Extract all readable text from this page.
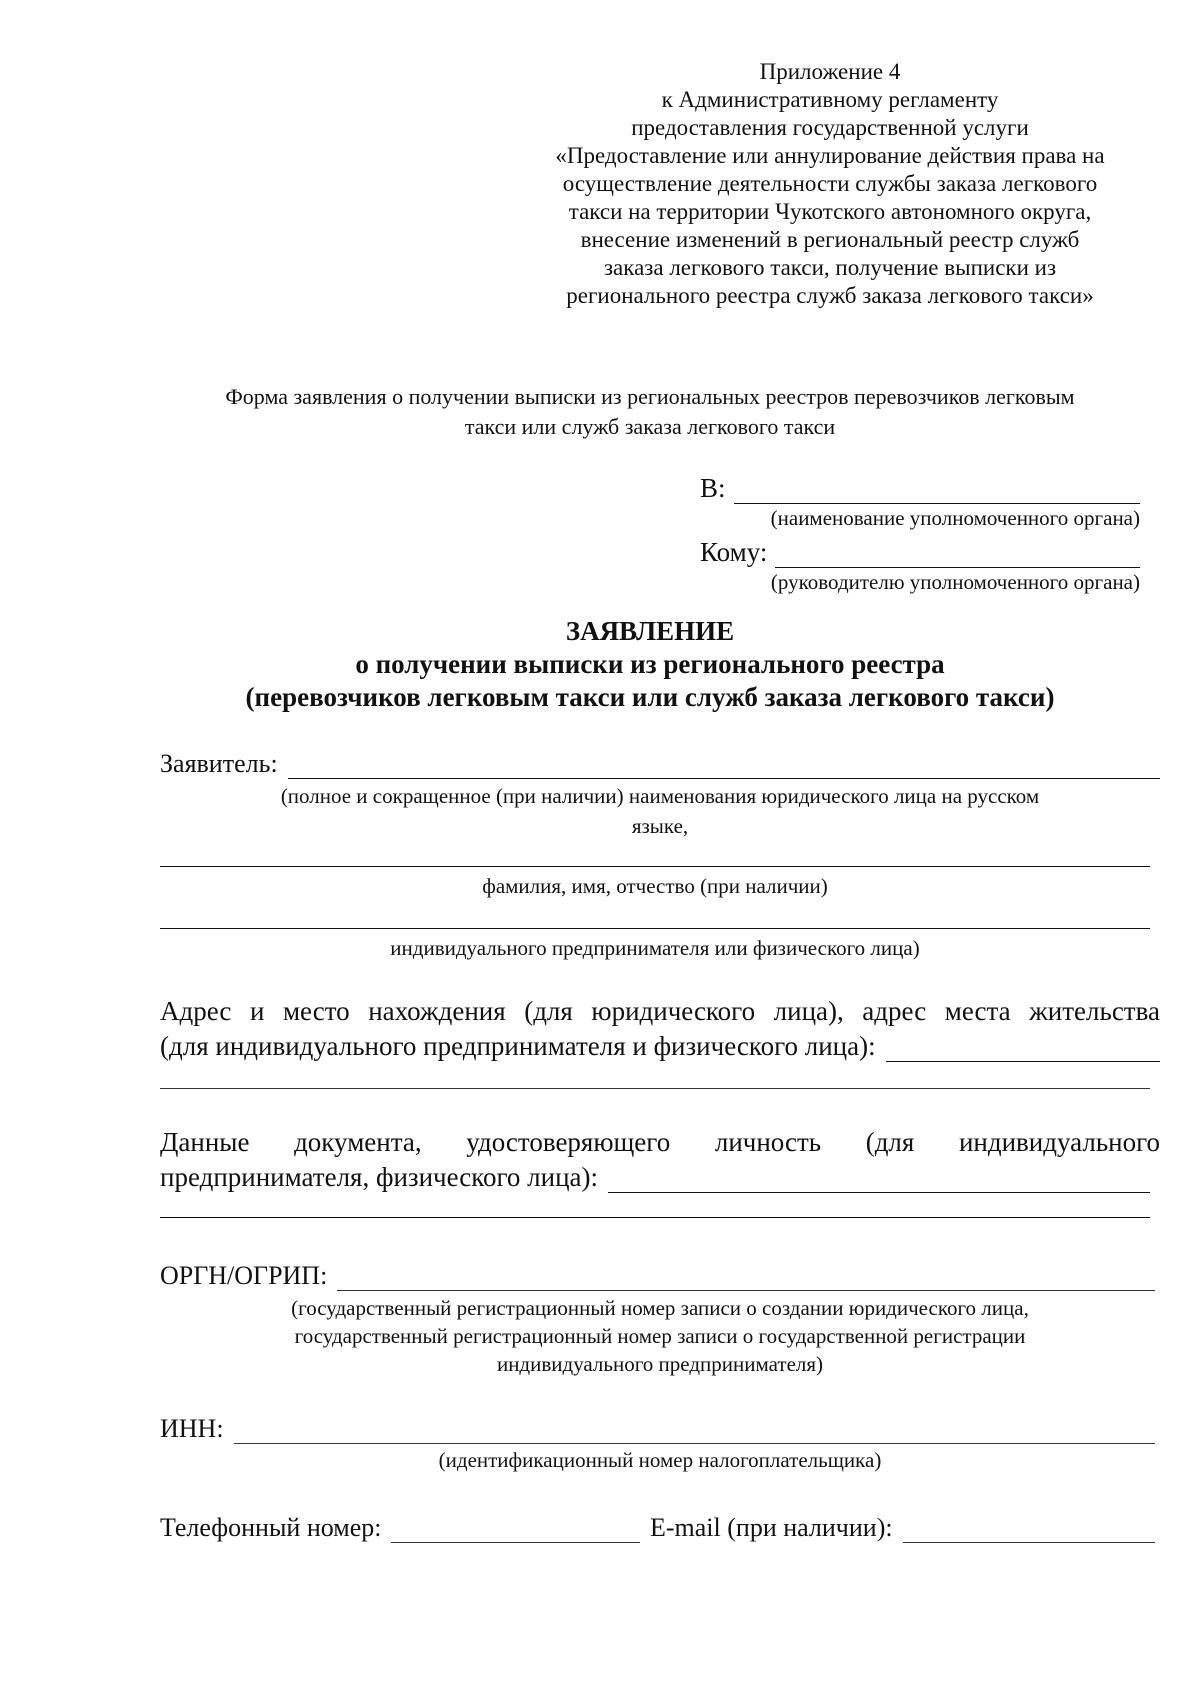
Приложение 4
к Административному регламенту
предоставления государственной услуги
«Предоставление или аннулирование действия права на
осуществление деятельности службы заказа легкового
такси на территории Чукотского автономного округа,
внесение изменений в региональный реестр служб
заказа легкового такси, получение выписки из
регионального реестра служб заказа легкового такси»
Форма заявления о получении выписки из региональных реестров перевозчиков легковым
такси или служб заказа легкового такси
В:
(наименование уполномоченного органа)
Кому:
(руководителю уполномоченного органа)
ЗАЯВЛЕНИЕ
о получении выписки из регионального реестра
(перевозчиков легковым такси или служб заказа легкового такси)
Заявитель:
(полное и сокращенное (при наличии) наименования юридического лица на русском
языке,
фамилия, имя, отчество (при наличии)
индивидуального предпринимателя или физического лица)
Адрес и место нахождения (для юридического лица), адрес места жительства
(для индивидуального предпринимателя и физического лица):
Данные документа, удостоверяющего личность (для индивидуального
предпринимателя, физического лица):
ОРГН/ОГРИП:
(государственный регистрационный номер записи о создании юридического лица,
государственный регистрационный номер записи о государственной регистрации
индивидуального предпринимателя)
ИНН:
(идентификационный номер налогоплательщика)
Телефонный номер:	E-mail (при наличии):
